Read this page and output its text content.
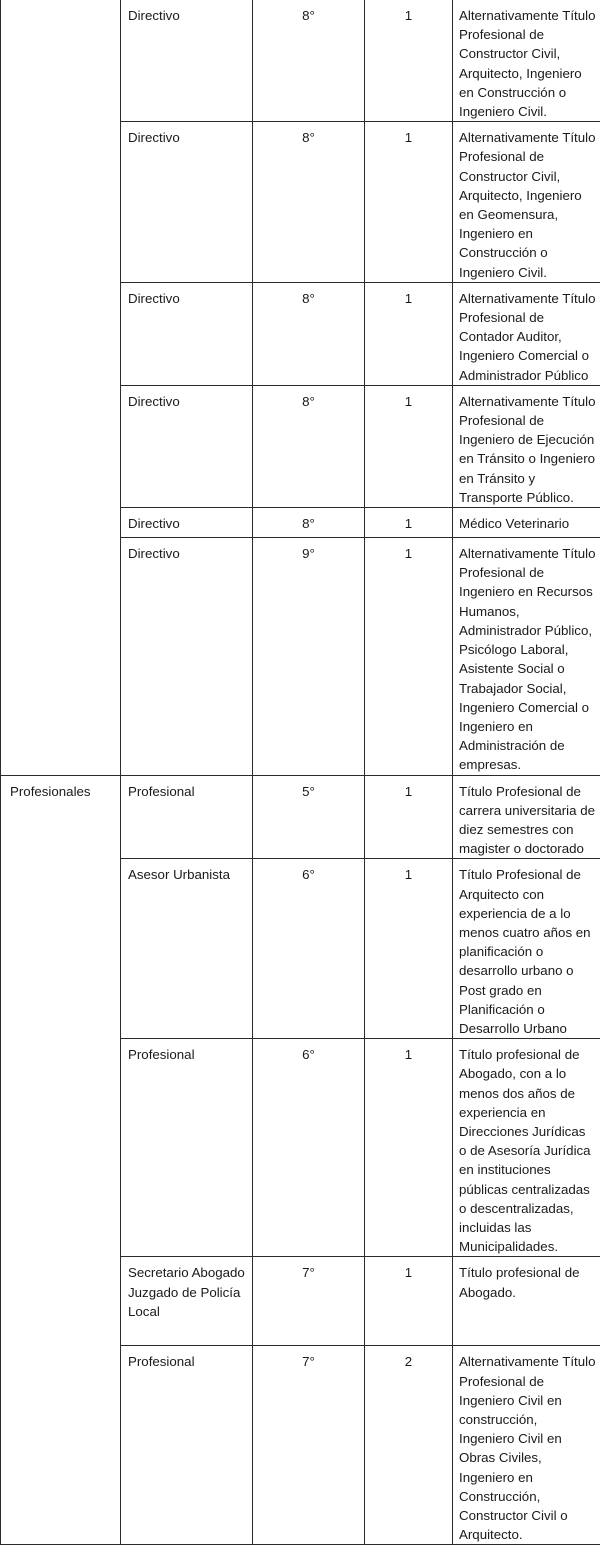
	Directivo	8°	1	Alternativamente Título Profesional de Constructor Civil, Arquitecto, Ingeniero en Construcción o Ingeniero Civil.
	Directivo	8°	1	Alternativamente Título Profesional de Constructor Civil, Arquitecto, Ingeniero en Geomensura, Ingeniero en Construcción o Ingeniero Civil.
	Directivo	8°	1	Alternativamente Título Profesional de Contador Auditor, Ingeniero Comercial o Administrador Público
	Directivo	8°	1	Alternativamente Título Profesional de Ingeniero de Ejecución en Tránsito o Ingeniero en Tránsito y Transporte Público.
	Directivo	8°	1	Médico Veterinario
	Directivo	9°	1	Alternativamente Título Profesional de Ingeniero en Recursos Humanos, Administrador Público, Psicólogo Laboral, Asistente Social o Trabajador Social, Ingeniero Comercial o Ingeniero en Administración de empresas.
Profesionales	Profesional	5°	1	Título Profesional de carrera universitaria de diez semestres con magister o doctorado
	Asesor Urbanista	6°	1	Título Profesional de Arquitecto con experiencia de a lo menos cuatro años en planificación o desarrollo urbano o Post grado en Planificación o Desarrollo Urbano
	Profesional	6°	1	Título profesional de Abogado, con a lo menos dos años de experiencia en Direcciones Jurídicas o de Asesoría Jurídica en instituciones públicas centralizadas o descentralizadas, incluidas las Municipalidades.
	Secretario Abogado Juzgado de Policía Local	7°	1	Título profesional de Abogado.
	Profesional	7°	2	Alternativamente Título Profesional de Ingeniero Civil en construcción, Ingeniero Civil en Obras Civiles, Ingeniero en Construcción, Constructor Civil o Arquitecto.
